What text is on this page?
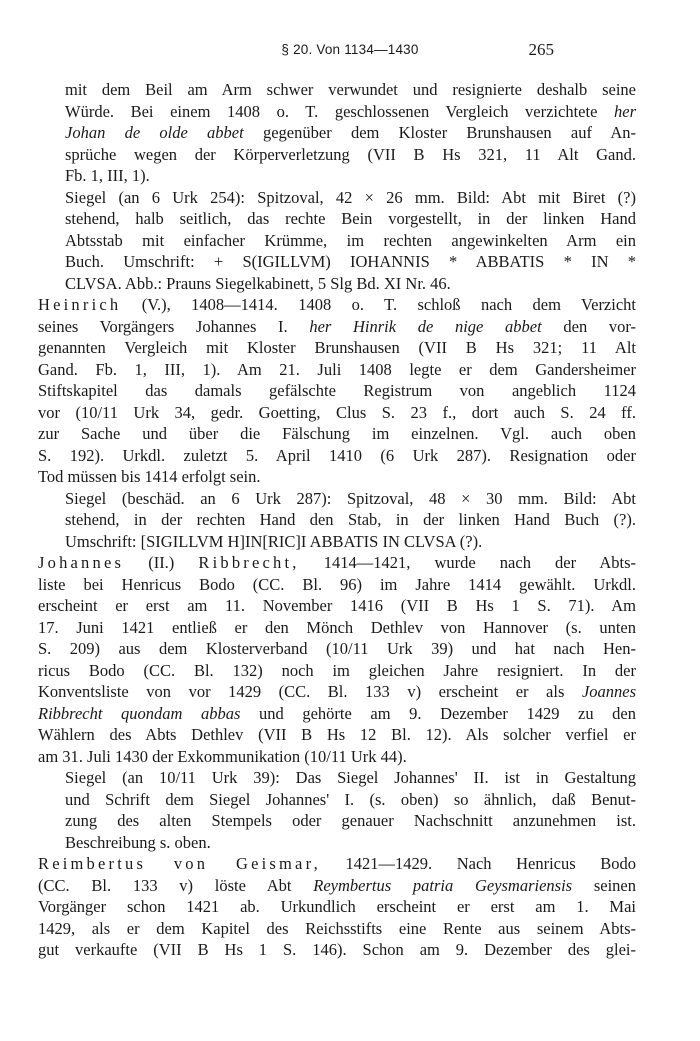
§ 20. Von 1134—1430	265
mit dem Beil am Arm schwer verwundet und resignierte deshalb seine
Würde. Bei einem 1408 o. T. geschlossenen Vergleich verzichtete her
Johan de olde abbet gegenüber dem Kloster Brunshausen auf An-
sprüche wegen der Körperverletzung (VII B Hs 321, 11 Alt Gand.
Fb. 1, III, 1).
Siegel (an 6 Urk 254): Spitzoval, 42 × 26 mm. Bild: Abt mit Biret (?)
stehend, halb seitlich, das rechte Bein vorgestellt, in der linken Hand
Abtsstab mit einfacher Krümme, im rechten angewinkelten Arm ein
Buch. Umschrift: + S(IGILLVM) IOHANNIS * ABBATIS * IN *
CLVSA. Abb.: Prauns Siegelkabinett, 5 Slg Bd. XI Nr. 46.
Heinrich (V.), 1408—1414. 1408 o. T. schloß nach dem Verzicht
seines Vorgängers Johannes I. her Hinrik de nige abbet den vor-
genannten Vergleich mit Kloster Brunshausen (VII B Hs 321; 11 Alt
Gand. Fb. 1, III, 1). Am 21. Juli 1408 legte er dem Gandersheimer
Stiftskapitel das damals gefälschte Registrum von angeblich 1124
vor (10/11 Urk 34, gedr. Goetting, Clus S. 23 f., dort auch S. 24 ff.
zur Sache und über die Fälschung im einzelnen. Vgl. auch oben
S. 192). Urkdl. zuletzt 5. April 1410 (6 Urk 287). Resignation oder
Tod müssen bis 1414 erfolgt sein.
Siegel (beschäd. an 6 Urk 287): Spitzoval, 48 × 30 mm. Bild: Abt
stehend, in der rechten Hand den Stab, in der linken Hand Buch (?).
Umschrift: [SIGILLVM H]IN[RIC]I ABBATIS IN CLVSA (?).
Johannes (II.) Ribbrecht, 1414—1421, wurde nach der Abts-
liste bei Henricus Bodo (CC. Bl. 96) im Jahre 1414 gewählt. Urkdl.
erscheint er erst am 11. November 1416 (VII B Hs 1 S. 71). Am
17. Juni 1421 entließ er den Mönch Dethlev von Hannover (s. unten
S. 209) aus dem Klosterverband (10/11 Urk 39) und hat nach Hen-
ricus Bodo (CC. Bl. 132) noch im gleichen Jahre resigniert. In der
Konventsliste von vor 1429 (CC. Bl. 133 v) erscheint er als Joannes
Ribbrecht quondam abbas und gehörte am 9. Dezember 1429 zu den
Wählern des Abts Dethlev (VII B Hs 12 Bl. 12). Als solcher verfiel er
am 31. Juli 1430 der Exkommunikation (10/11 Urk 44).
Siegel (an 10/11 Urk 39): Das Siegel Johannes' II. ist in Gestaltung
und Schrift dem Siegel Johannes' I. (s. oben) so ähnlich, daß Benut-
zung des alten Stempels oder genauer Nachschnitt anzunehmen ist.
Beschreibung s. oben.
Reimbertus von Geismar, 1421—1429. Nach Henricus Bodo
(CC. Bl. 133 v) löste Abt Reymbertus patria Geysmariensis seinen
Vorgänger schon 1421 ab. Urkundlich erscheint er erst am 1. Mai
1429, als er dem Kapitel des Reichsstifts eine Rente aus seinem Abts-
gut verkaufte (VII B Hs 1 S. 146). Schon am 9. Dezember des glei-
